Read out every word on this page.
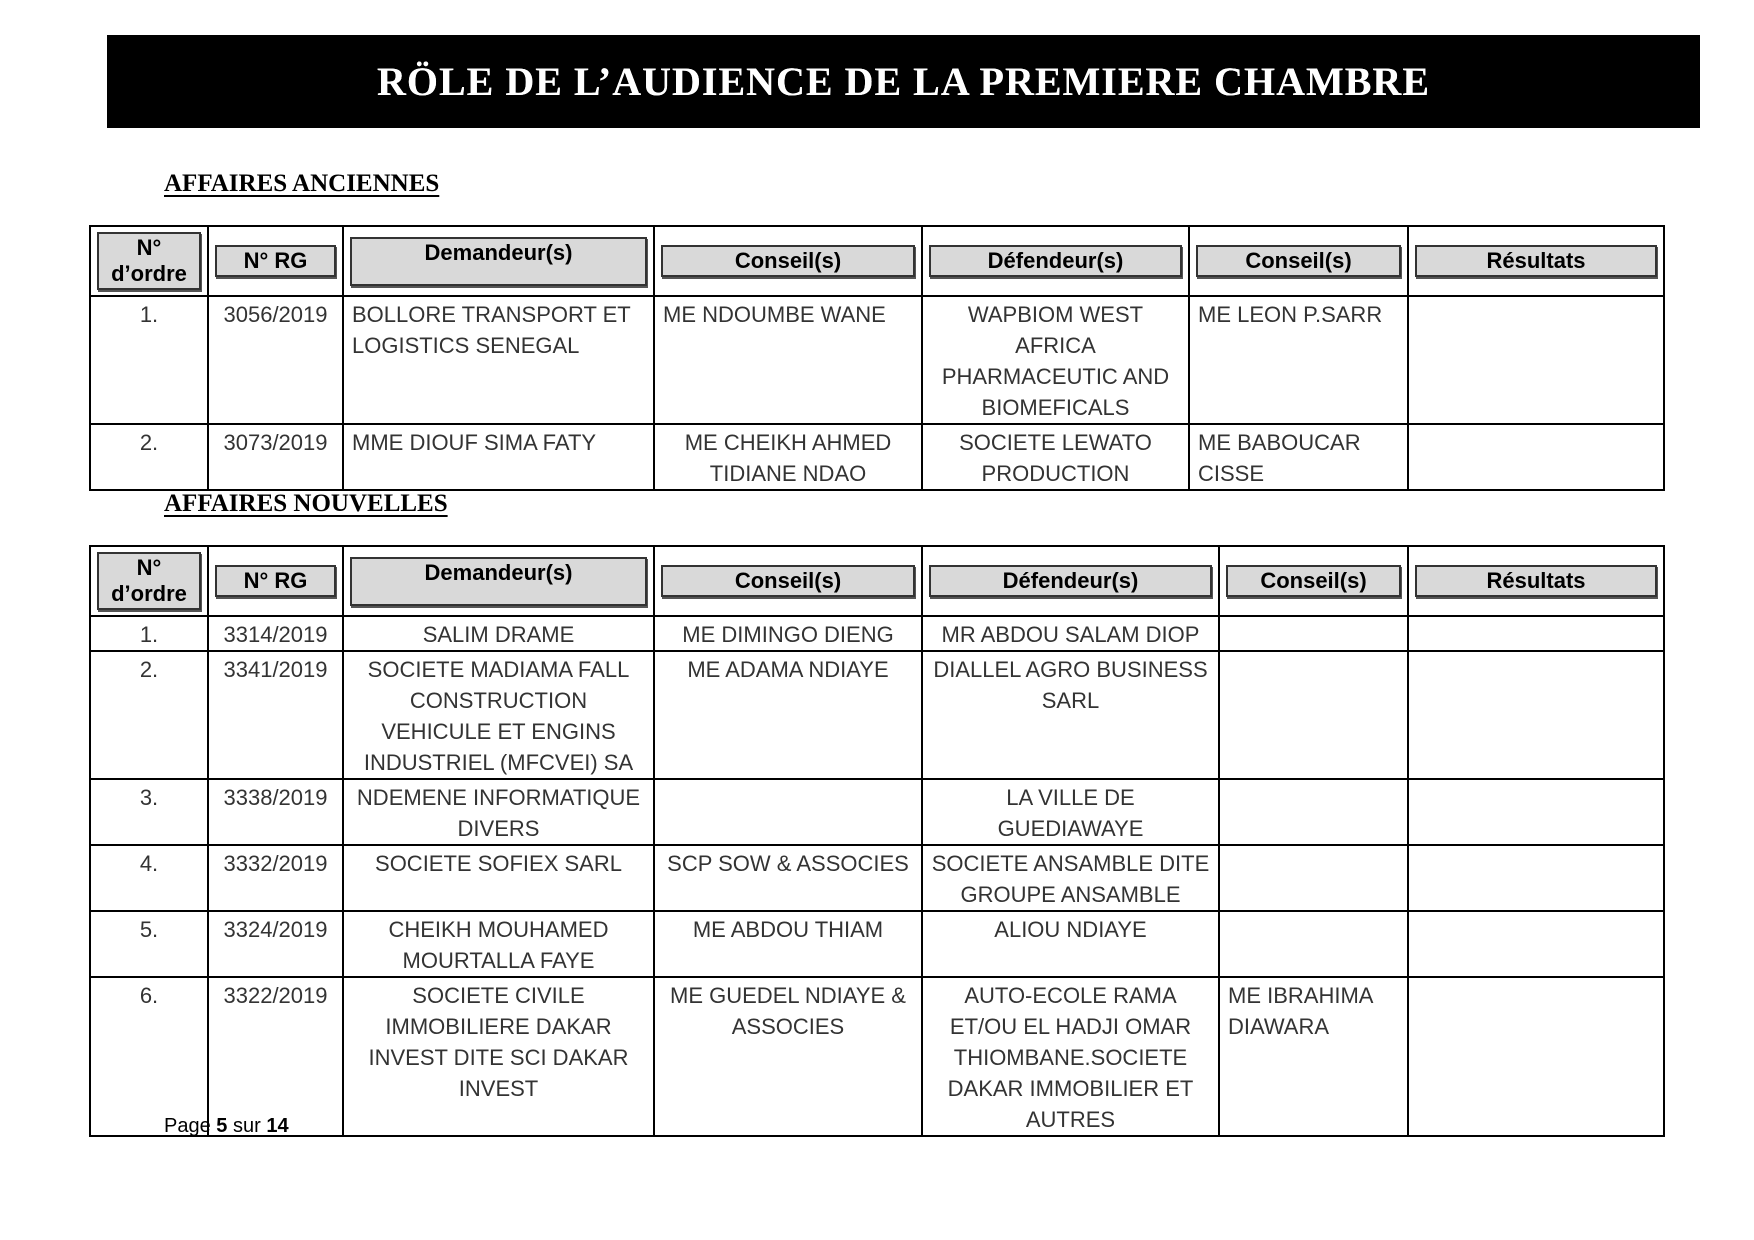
RÖLE DE L’AUDIENCE DE LA PREMIERE CHAMBRE
AFFAIRES ANCIENNES
N° d’ordre	N° RG	Demandeur(s)	Conseil(s)	Défendeur(s)	Conseil(s)	Résultats

1.	3056/2019	BOLLORE TRANSPORT ET LOGISTICS SENEGAL	ME NDOUMBE WANE	WAPBIOM WEST AFRICA PHARMACEUTIC AND BIOMEFICALS	ME LEON P.SARR	
2.	3073/2019	MME DIOUF SIMA FATY	ME CHEIKH AHMED TIDIANE NDAO	SOCIETE LEWATO PRODUCTION	ME BABOUCAR CISSE	
AFFAIRES NOUVELLES
N° d’ordre	N° RG	Demandeur(s)	Conseil(s)	Défendeur(s)	Conseil(s)	Résultats

1.	3314/2019	SALIM DRAME	ME DIMINGO DIENG	MR ABDOU SALAM DIOP		
2.	3341/2019	SOCIETE MADIAMA FALL CONSTRUCTION VEHICULE ET ENGINS INDUSTRIEL (MFCVEI) SA	ME ADAMA NDIAYE	DIALLEL AGRO BUSINESS SARL		
3.	3338/2019	NDEMENE INFORMATIQUE DIVERS		LA VILLE DE GUEDIAWAYE		
4.	3332/2019	SOCIETE SOFIEX SARL	SCP SOW & ASSOCIES	SOCIETE ANSAMBLE DITE GROUPE ANSAMBLE		
5.	3324/2019	CHEIKH MOUHAMED MOURTALLA FAYE	ME ABDOU THIAM	ALIOU NDIAYE		
6.	3322/2019	SOCIETE CIVILE IMMOBILIERE DAKAR INVEST DITE SCI DAKAR INVEST	ME GUEDEL NDIAYE & ASSOCIES	AUTO-ECOLE RAMA ET/OU EL HADJI OMAR THIOMBANE.SOCIETE DAKAR IMMOBILIER ET AUTRES	ME IBRAHIMA DIAWARA	
Page 5 sur 14
